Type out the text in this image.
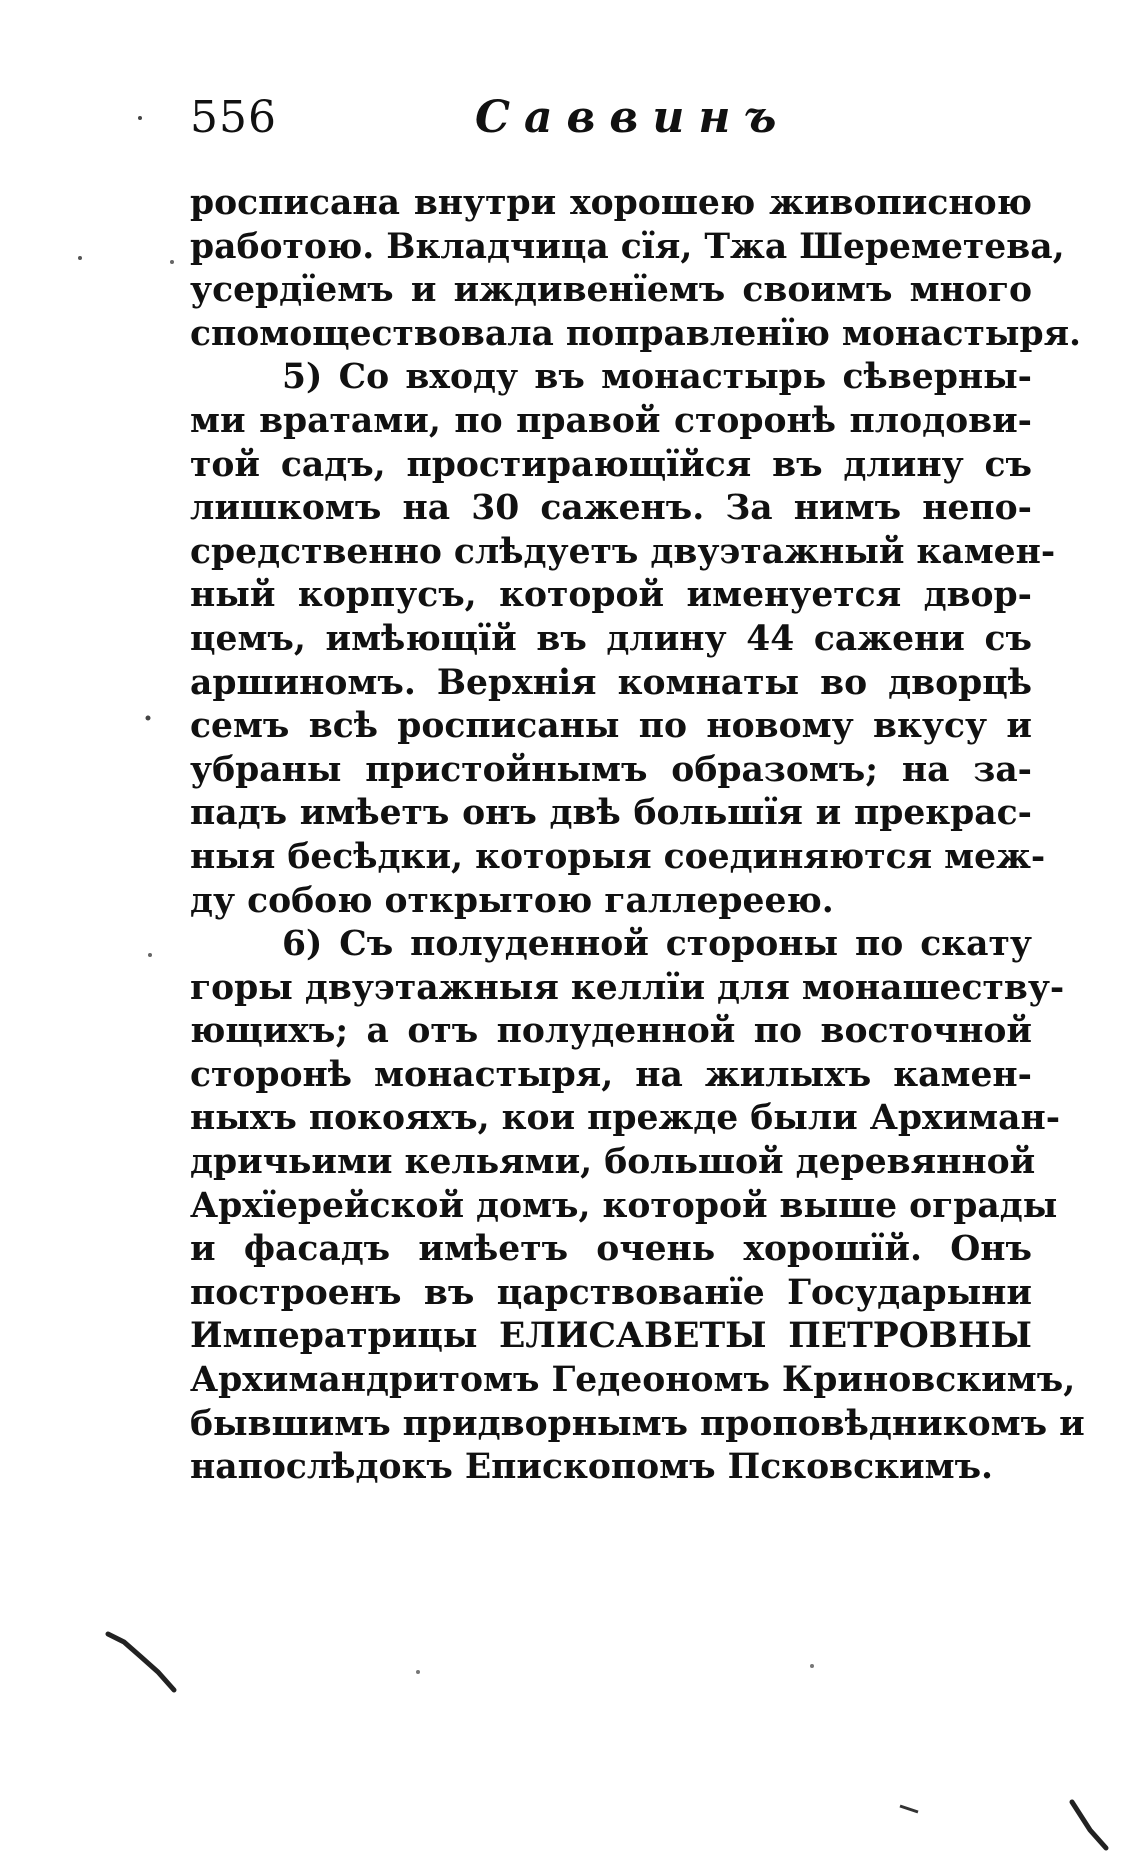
556	Саввинъ
росписана внутри хорошею живописною
работою. Вкладчица сїя, Тжа Шереметева,
усердїемъ и иждивенїемъ своимъ много
спомоществовала поправленїю монастыря.
5) Со входу въ монастырь сѣверны-
ми вратами, по правой сторонѣ плодови-
той садъ, простирающїйся въ длину съ
лишкомъ на 30 саженъ. За нимъ непо-
средственно слѣдуетъ двуэтажный камен-
ный корпусъ, которой именуется двор-
цемъ, имѣющїй въ длину 44 сажени съ
аршиномъ. Верхнія комнаты во дворцѣ
семъ всѣ росписаны по новому вкусу и
убраны пристойнымъ образомъ; на за-
падъ имѣетъ онъ двѣ большїя и прекрас-
ныя бесѣдки, которыя соединяются меж-
ду собою открытою галлереею.
6) Съ полуденной стороны по скату
горы двуэтажныя келлїи для монашеству-
ющихъ; а отъ полуденной по восточной
сторонѣ монастыря, на жилыхъ камен-
ныхъ покояхъ, кои прежде были Архиман-
дричьими кельями, большой деревянной
Архїерейской домъ, которой выше ограды
и фасадъ имѣетъ очень хорошїй. Онъ
построенъ въ царствованїе Государыни
Императрицы ЕЛИСАВЕТЫ ПЕТРОВНЫ
Архимандритомъ Гедеономъ Криновскимъ,
бывшимъ придворнымъ проповѣдникомъ и
напослѣдокъ Епископомъ Псковскимъ.
